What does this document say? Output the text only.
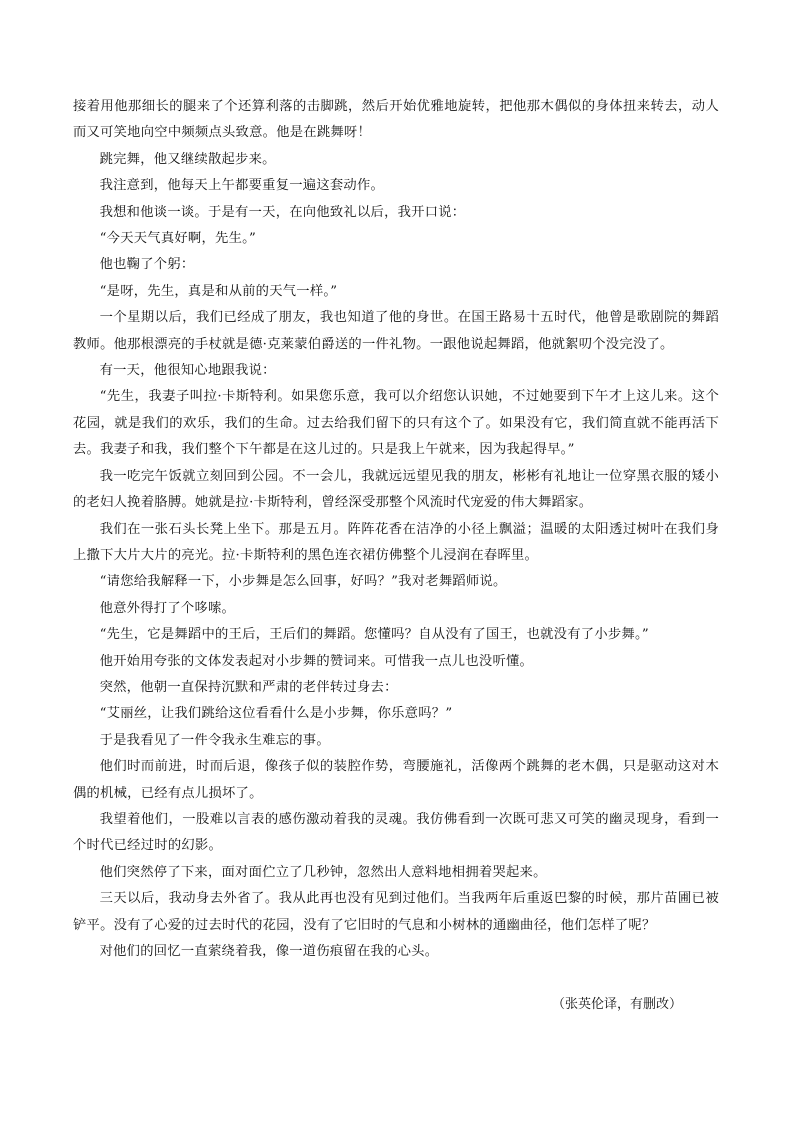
接着用他那细长的腿来了个还算利落的击脚跳，然后开始优雅地旋转，把他那木偶似的身体扭来转去，动人而又可笑地向空中频频点头致意。他是在跳舞呀！

跳完舞，他又继续散起步来。

我注意到，他每天上午都要重复一遍这套动作。

我想和他谈一谈。于是有一天，在向他致礼以后，我开口说：

“今天天气真好啊，先生。”

他也鞠了个躬：

“是呀，先生，真是和从前的天气一样。”

一个星期以后，我们已经成了朋友，我也知道了他的身世。在国王路易十五时代，他曾是歌剧院的舞蹈教师。他那根漂亮的手杖就是德·克莱蒙伯爵送的一件礼物。一跟他说起舞蹈，他就絮叨个没完没了。

有一天，他很知心地跟我说：

“先生，我妻子叫拉·卡斯特利。如果您乐意，我可以介绍您认识她，不过她要到下午才上这儿来。这个花园，就是我们的欢乐，我们的生命。过去给我们留下的只有这个了。如果没有它，我们简直就不能再活下去。我妻子和我，我们整个下午都是在这儿过的。只是我上午就来，因为我起得早。”

我一吃完午饭就立刻回到公园。不一会儿，我就远远望见我的朋友，彬彬有礼地让一位穿黑衣服的矮小的老妇人挽着胳膊。她就是拉·卡斯特利，曾经深受那整个风流时代宠爱的伟大舞蹈家。

我们在一张石头长凳上坐下。那是五月。阵阵花香在洁净的小径上飘溢；温暖的太阳透过树叶在我们身上撒下大片大片的亮光。拉·卡斯特利的黑色连衣裙仿佛整个儿浸润在春晖里。

“请您给我解释一下，小步舞是怎么回事，好吗？”我对老舞蹈师说。

他意外得打了个哆嗦。

“先生，它是舞蹈中的王后，王后们的舞蹈。您懂吗？自从没有了国王，也就没有了小步舞。”

他开始用夸张的文体发表起对小步舞的赞词来。可惜我一点儿也没听懂。

突然，他朝一直保持沉默和严肃的老伴转过身去：

“艾丽丝，让我们跳给这位看看什么是小步舞，你乐意吗？”

于是我看见了一件令我永生难忘的事。

他们时而前进，时而后退，像孩子似的装腔作势，弯腰施礼，活像两个跳舞的老木偶，只是驱动这对木偶的机械，已经有点儿损坏了。

我望着他们，一股难以言表的感伤激动着我的灵魂。我仿佛看到一次既可悲又可笑的幽灵现身，看到一个时代已经过时的幻影。

他们突然停了下来，面对面伫立了几秒钟，忽然出人意料地相拥着哭起来。

三天以后，我动身去外省了。我从此再也没有见到过他们。当我两年后重返巴黎的时候，那片苗圃已被铲平。没有了心爱的过去时代的花园，没有了它旧时的气息和小树林的通幽曲径，他们怎样了呢？

对他们的回忆一直萦绕着我，像一道伤痕留在我的心头。

（张英伦译，有删改）
